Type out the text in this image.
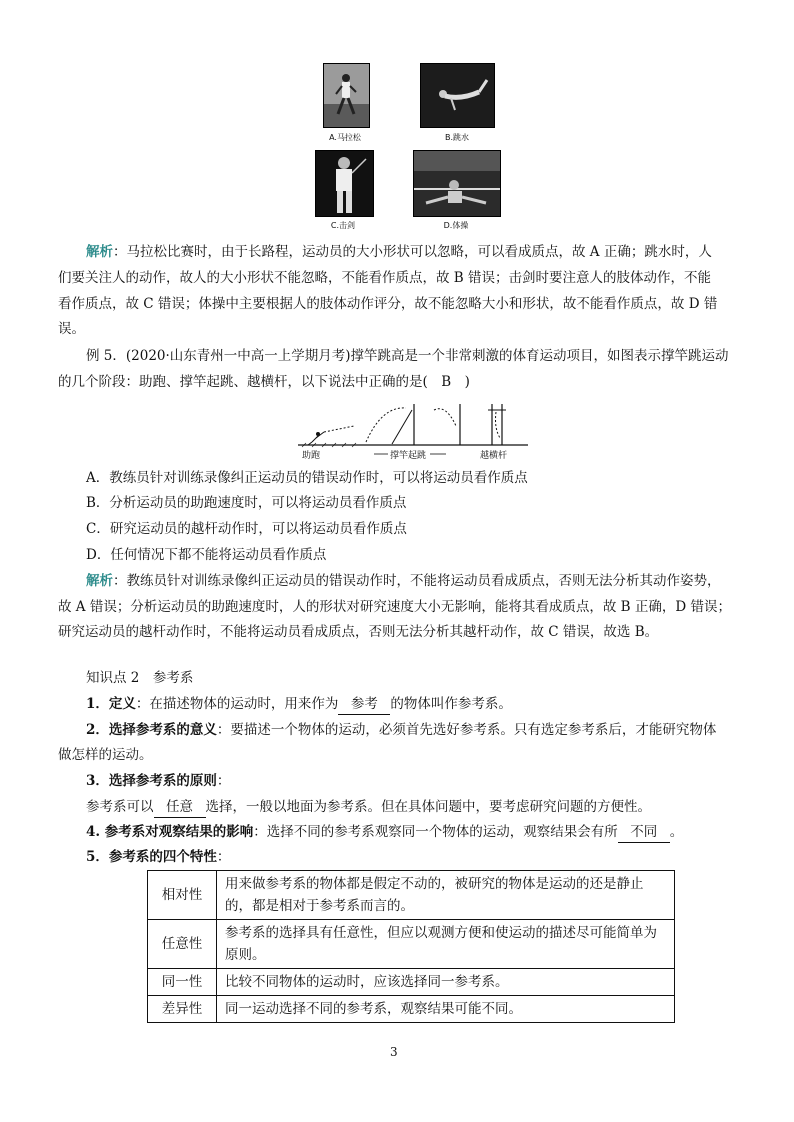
A.马拉松	B.跳水
C.击剑	D.体操

解析：马拉松比赛时，由于长路程，运动员的大小形状可以忽略，可以看成质点，故 A 正确；跳水时，人

们要关注人的动作，故人的大小形状不能忽略，不能看作质点，故 B 错误；击剑时要注意人的肢体动作，不能

看作质点，故 C 错误；体操中主要根据人的肢体动作评分，故不能忽略大小和形状，故不能看作质点，故 D 错

误。

例 5．(2020·山东青州一中高一上学期月考)撑竿跳高是一个非常刺激的体育运动项目，如图表示撑竿跳运动

的几个阶段：助跑、撑竿起跳、越横杆，以下说法中正确的是(　B　)

助跑	撑竿起跳	越横杆

A．教练员针对训练录像纠正运动员的错误动作时，可以将运动员看作质点

B．分析运动员的助跑速度时，可以将运动员看作质点

C．研究运动员的越杆动作时，可以将运动员看作质点

D．任何情况下都不能将运动员看作质点

解析：教练员针对训练录像纠正运动员的错误动作时，不能将运动员看成质点，否则无法分析其动作姿势，

故 A 错误；分析运动员的助跑速度时，人的形状对研究速度大小无影响，能将其看成质点，故 B 正确，D 错误；

研究运动员的越杆动作时，不能将运动员看成质点，否则无法分析其越杆动作，故 C 错误，故选 B。

知识点 2　参考系

1．定义：在描述物体的运动时，用来作为 参考 的物体叫作参考系。

2．选择参考系的意义：要描述一个物体的运动，必须首先选好参考系。只有选定参考系后，才能研究物体

做怎样的运动。

3．选择参考系的原则：

参考系可以 任意 选择，一般以地面为参考系。但在具体问题中，要考虑研究问题的方便性。

4. 参考系对观察结果的影响：选择不同的参考系观察同一个物体的运动，观察结果会有所 不同 。

5．参考系的四个特性：

相对性	用来做参考系的物体都是假定不动的，被研究的物体是运动的还是静止的，都是相对于参考系而言的。
任意性	参考系的选择具有任意性，但应以观测方便和使运动的描述尽可能简单为原则。
同一性	比较不同物体的运动时，应该选择同一参考系。
差异性	同一运动选择不同的参考系，观察结果可能不同。
3
